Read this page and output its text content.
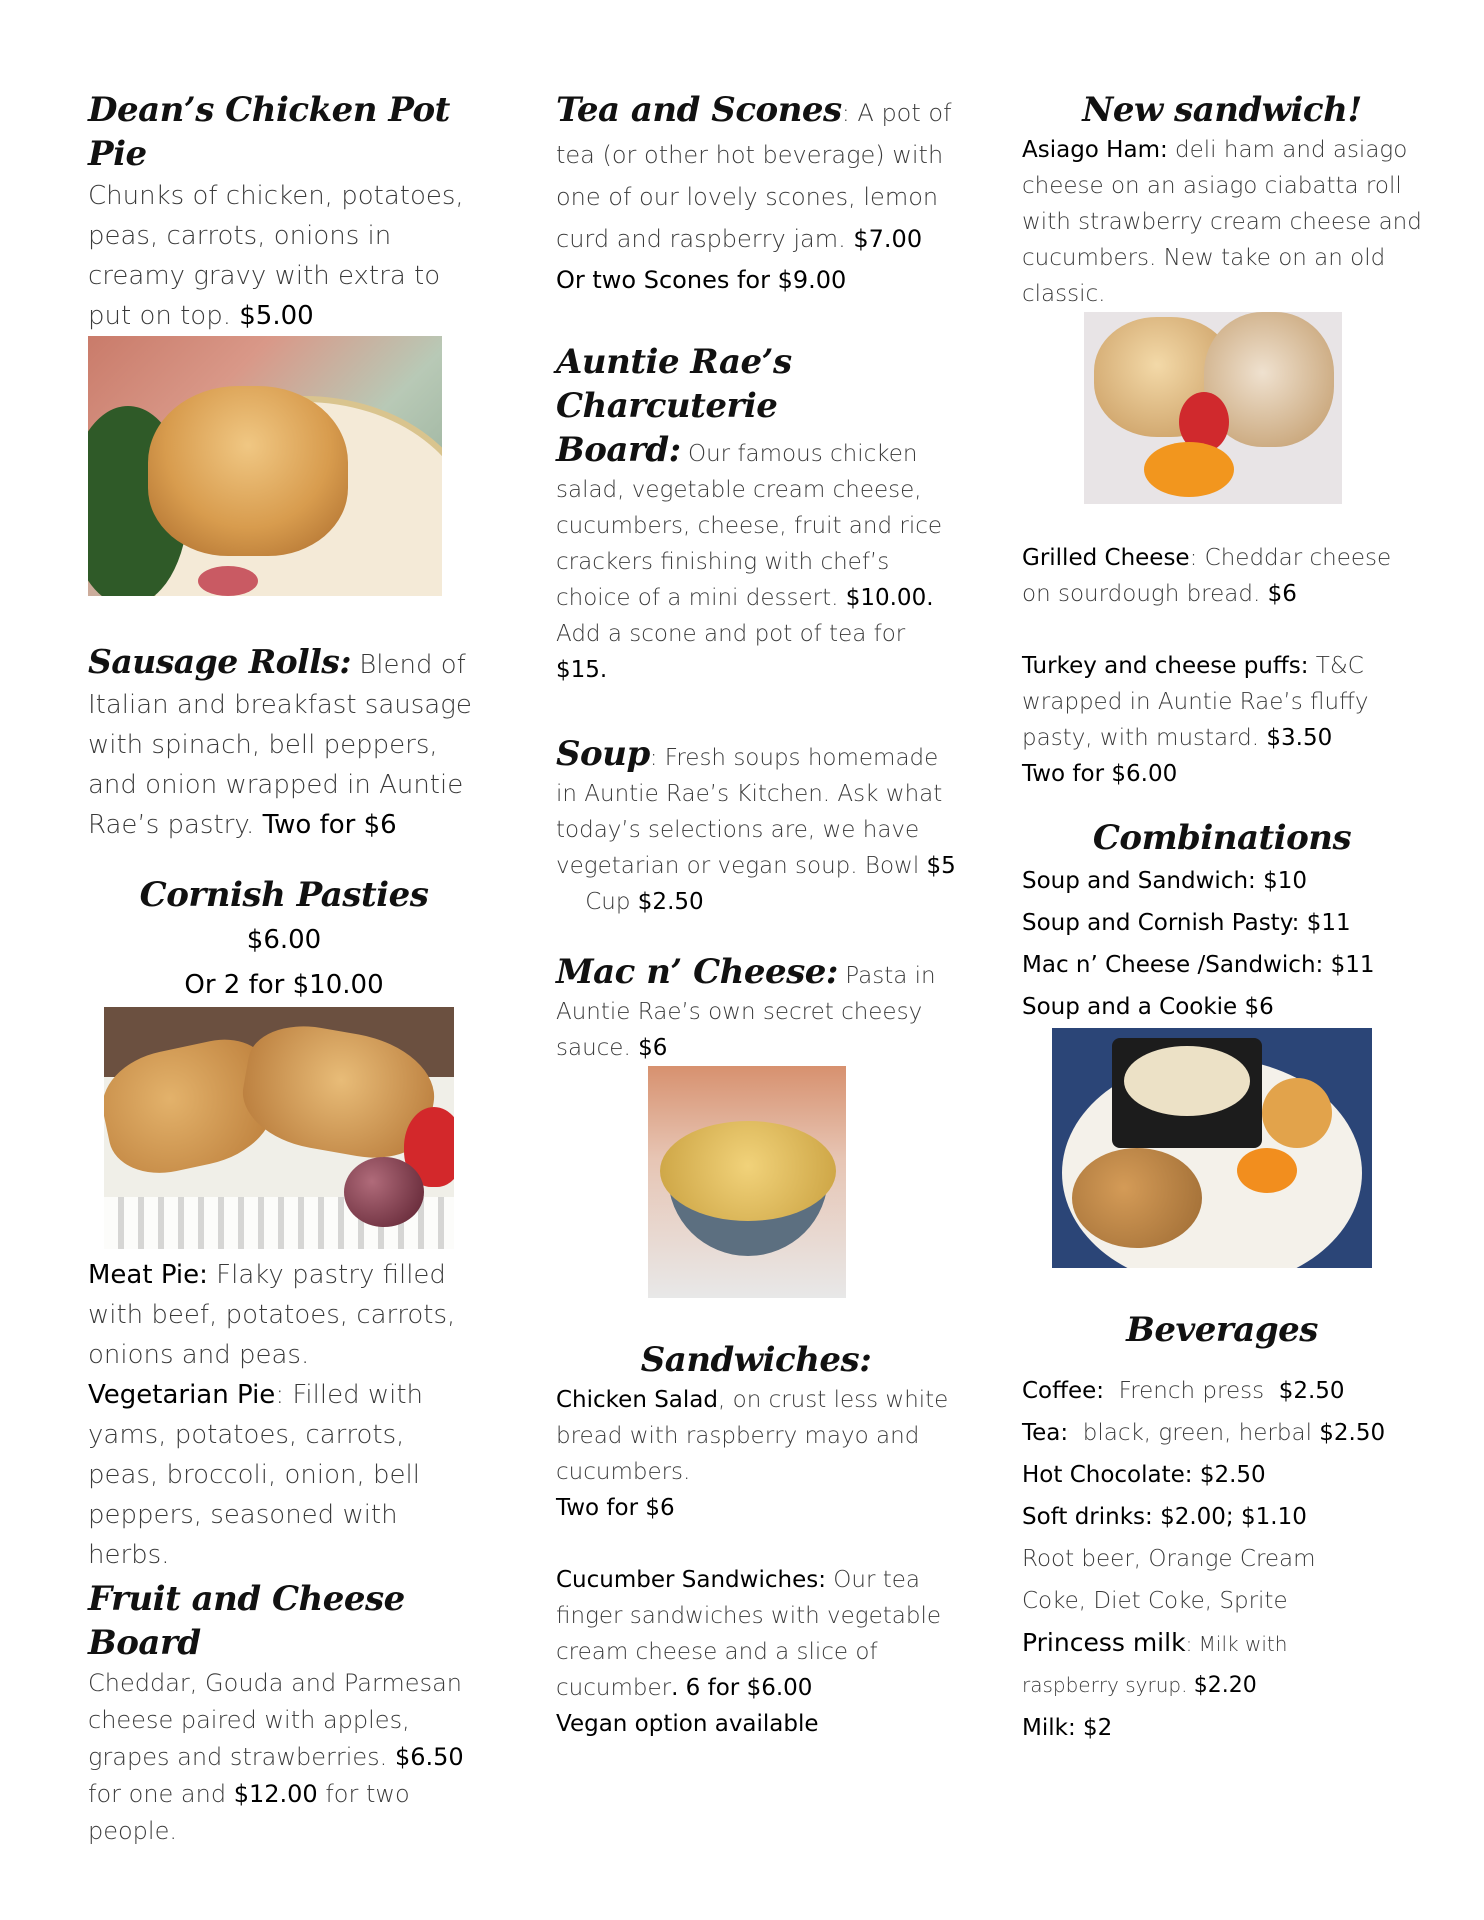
Dean’s Chicken Pot Pie

Chunks of chicken, potatoes, peas, carrots, onions in creamy gravy with extra to put on top. $5.00

Sausage Rolls: Blend of Italian and breakfast sausage with spinach, bell peppers, and onion wrapped in Auntie Rae’s pastry. Two for $6

Cornish Pasties
$6.00
Or 2 for $10.00

Meat Pie: Flaky pastry filled with beef, potatoes, carrots, onions and peas.

Vegetarian Pie: Filled with yams, potatoes, carrots, peas, broccoli, onion, bell peppers, seasoned with herbs.

Fruit and Cheese Board

Cheddar, Gouda and Parmesan cheese paired with apples, grapes and strawberries. $6.50 for one and $12.00 for two people.

Tea and Scones: A pot of tea (or other hot beverage) with one of our lovely scones, lemon curd and raspberry jam. $7.00

Or two Scones for $9.00
Auntie Rae’s Charcuterie

Board: Our famous chicken salad, vegetable cream cheese, cucumbers, cheese, fruit and rice crackers finishing with chef’s choice of a mini dessert. $10.00. Add a scone and pot of tea for $15.

Soup: Fresh soups homemade in Auntie Rae’s Kitchen. Ask what today’s selections are, we have vegetarian or vegan soup. Bowl $5    Cup $2.50

Mac n’ Cheese: Pasta in Auntie Rae’s own secret cheesy sauce. $6

Sandwiches:

Chicken Salad, on crust less white bread with raspberry mayo and cucumbers.

Two for $6

Cucumber Sandwiches: Our tea finger sandwiches with vegetable cream cheese and a slice of cucumber. 6 for $6.00

Vegan option available
New sandwich!

Asiago Ham: deli ham and asiago cheese on an asiago ciabatta roll with strawberry cream cheese and cucumbers. New take on an old classic.

Grilled Cheese: Cheddar cheese on sourdough bread. $6

Turkey and cheese puffs: T&C wrapped in Auntie Rae’s fluffy pasty, with mustard. $3.50

Two for $6.00
Combinations
Soup and Sandwich: $10
Soup and Cornish Pasty: $11
Mac n’ Cheese /Sandwich: $11
Soup and a Cookie $6
Beverages

Coffee:  French press  $2.50

Tea:  black, green, herbal $2.50

Hot Chocolate: $2.50

Soft drinks: $2.00; $1.10

Root beer, Orange Cream
Coke, Diet Coke, Sprite

Princess milk: Milk with

raspberry syrup. $2.20

Milk: $2
